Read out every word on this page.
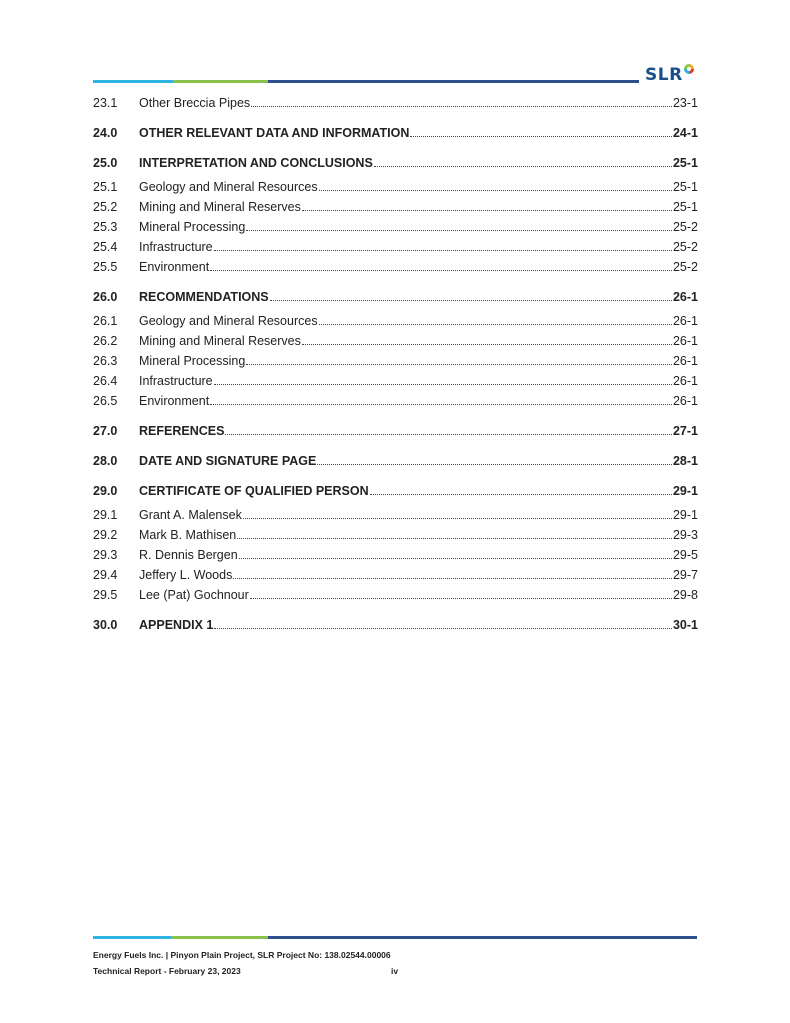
SLR
23.1	Other Breccia Pipes	23-1
24.0	OTHER RELEVANT DATA AND INFORMATION	24-1
25.0	INTERPRETATION AND CONCLUSIONS	25-1
25.1	Geology and Mineral Resources	25-1
25.2	Mining and Mineral Reserves	25-1
25.3	Mineral Processing	25-2
25.4	Infrastructure	25-2
25.5	Environment	25-2
26.0	RECOMMENDATIONS	26-1
26.1	Geology and Mineral Resources	26-1
26.2	Mining and Mineral Reserves	26-1
26.3	Mineral Processing	26-1
26.4	Infrastructure	26-1
26.5	Environment	26-1
27.0	REFERENCES	27-1
28.0	DATE AND SIGNATURE PAGE	28-1
29.0	CERTIFICATE OF QUALIFIED PERSON	29-1
29.1	Grant A. Malensek	29-1
29.2	Mark B. Mathisen	29-3
29.3	R. Dennis Bergen	29-5
29.4	Jeffery L. Woods	29-7
29.5	Lee (Pat) Gochnour	29-8
30.0	APPENDIX 1	30-1
Energy Fuels Inc. | Pinyon Plain Project, SLR Project No: 138.02544.00006
Technical Report - February 23, 2023	iv
